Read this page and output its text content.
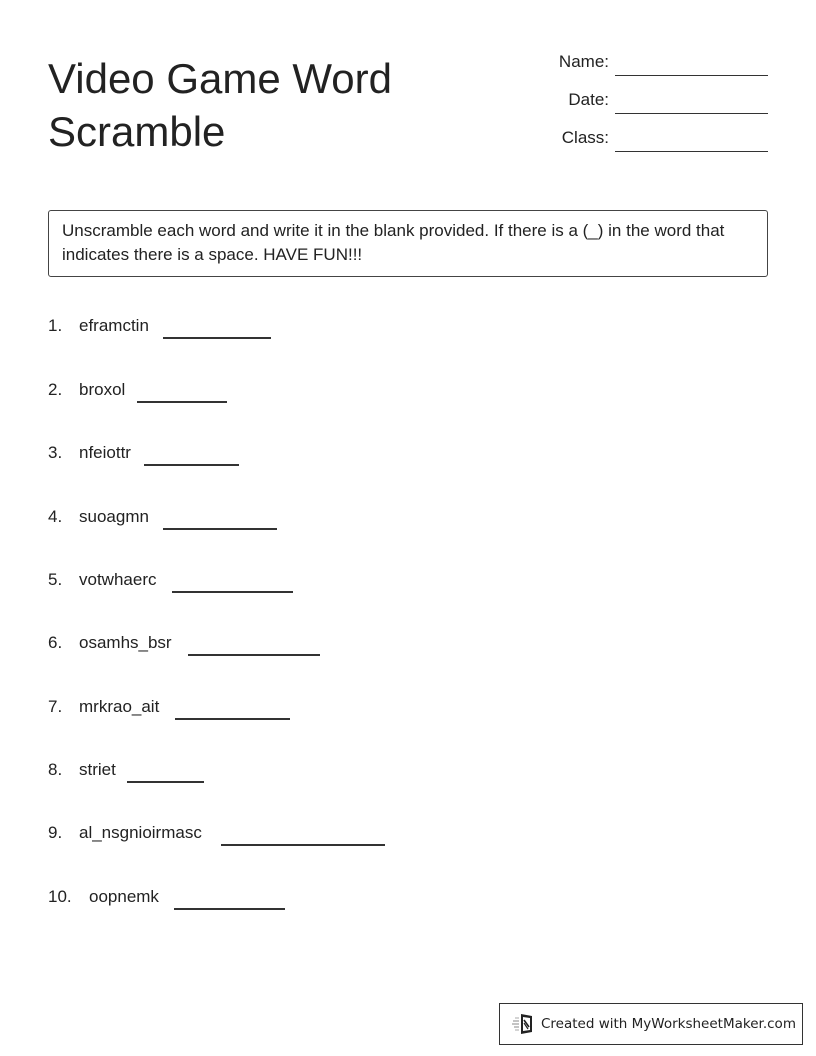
Video Game Word Scramble
Name:
Date:
Class:
Unscramble each word and write it in the blank provided. If there is a (_) in the word that indicates there is a space. HAVE FUN!!!
1. eframctin
2. broxol
3. nfeiottr
4. suoagmn
5. votwhaerc
6. osamhs_bsr
7. mrkrao_ait
8. striet
9. al_nsgnioirmasc
10. oopnemk
Created with MyWorksheetMaker.com
